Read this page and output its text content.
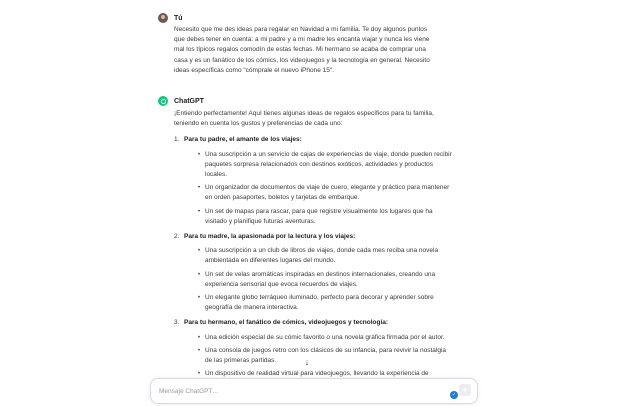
Tú
Necesito que me des ideas para regalar en Navidad a mi familia. Te doy algunos puntos que debes tener en cuenta: a mi padre y a mi madre les encanta viajar y nunca les viene mal los típicos regalos comodín de estas fechas. Mi hermano se acaba de comprar una casa y es un fanático de los cómics, los videojuegos y la tecnología en general. Necesito ideas específicas como "cómprale el nuevo iPhone 15".
ChatGPT
¡Entiendo perfectamente! Aquí tienes algunas ideas de regalos específicos para tu familia, teniendo en cuenta los gustos y preferencias de cada uno:
1. Para tu padre, el amante de los viajes:
• Una suscripción a un servicio de cajas de experiencias de viaje, donde pueden recibir paquetes sorpresa relacionados con destinos exóticos, actividades y productos locales.
• Un organizador de documentos de viaje de cuero, elegante y práctico para mantener en orden pasaportes, boletos y tarjetas de embarque.
• Un set de mapas para rascar, para que registre visualmente los lugares que ha visitado y planifique futuras aventuras.
2. Para tu madre, la apasionada por la lectura y los viajes:
• Una suscripción a un club de libros de viajes, donde cada mes reciba una novela ambientada en diferentes lugares del mundo.
• Un set de velas aromáticas inspiradas en destinos internacionales, creando una experiencia sensorial que evoca recuerdos de viajes.
• Un elegante globo terráqueo iluminado, perfecto para decorar y aprender sobre geografía de manera interactiva.
3. Para tu hermano, el fanático de cómics, videojuegos y tecnología:
• Una edición especial de su cómic favorito o una novela gráfica firmada por el autor.
• Una consola de juegos retro con los clásicos de su infancia, para revivir la nostalgia de las primeras partidas.
• Un dispositivo de realidad virtual para videojuegos, llevando la experiencia de
↓
Mensaje ChatGPT…
✓
